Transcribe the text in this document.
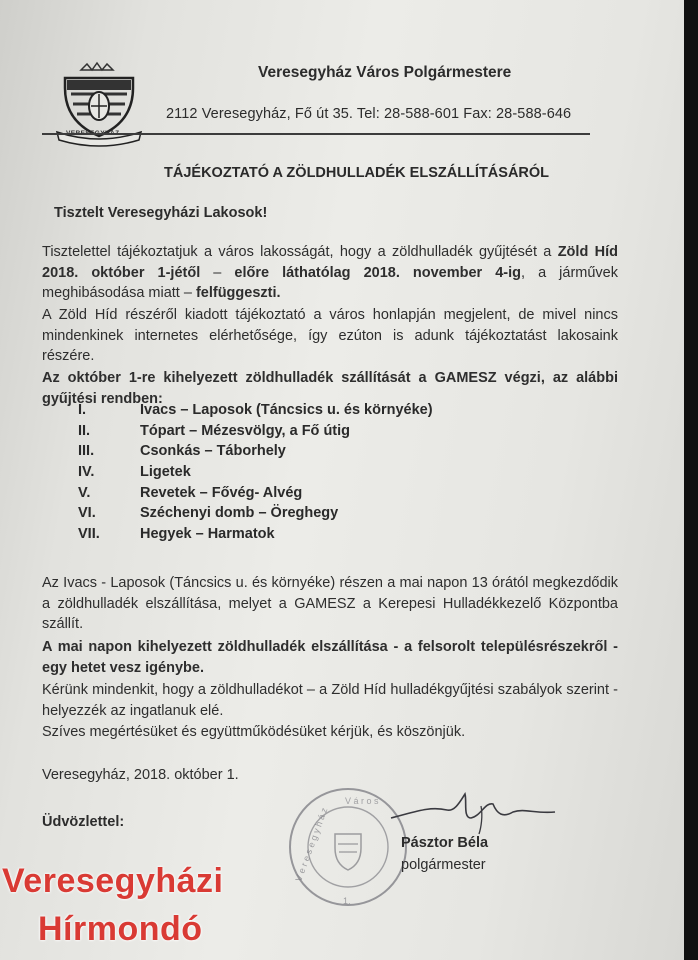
Veresegyház Város Polgármestere
2112 Veresegyház, Fő út 35. Tel: 28-588-601 Fax: 28-588-646
TÁJÉKOZTATÓ A ZÖLDHULLADÉK ELSZÁLLÍTÁSÁRÓL
Tisztelt Veresegyházi Lakosok!
Tisztelettel tájékoztatjuk a város lakosságát, hogy a zöldhulladék gyűjtését a Zöld Híd 2018. október 1-jétől – előre láthatólag 2018. november 4-ig, a járművek meghibásodása miatt – felfüggeszti.
A Zöld Híd részéről kiadott tájékoztató a város honlapján megjelent, de mivel nincs mindenkinek internetes elérhetősége, így ezúton is adunk tájékoztatást lakosaink részére.
Az október 1-re kihelyezett zöldhulladék szállítását a GAMESZ végzi, az alábbi gyűjtési rendben:
I.	Ivacs – Laposok (Táncsics u. és környéke)
II.	Tópart – Mézesvölgy, a Fő útig
III.	Csonkás – Táborhely
IV.	Ligetek
V.	Revetek – Fővég- Alvég
VI.	Széchenyi domb – Öreghegy
VII.	Hegyek – Harmatok
Az Ivacs - Laposok (Táncsics u. és környéke) részen a mai napon 13 órától megkezdődik a zöldhulladék elszállítása, melyet a GAMESZ a Kerepesi Hulladékkezelő Központba szállít.
A mai napon kihelyezett zöldhulladék elszállítása - a felsorolt településrészekről - egy hetet vesz igénybe.
Kérünk mindenkit, hogy a zöldhulladékot – a Zöld Híd hulladékgyűjtési szabályok szerint - helyezzék az ingatlanuk elé.
Szíves megértésüket és együttműködésüket kérjük, és köszönjük.
Veresegyház, 2018. október 1.
Üdvözlettel:	V e r e s e g y h á z
V á r o s
1.
Pásztor Béla
polgármester
Veresegyházi
Hírmondó
